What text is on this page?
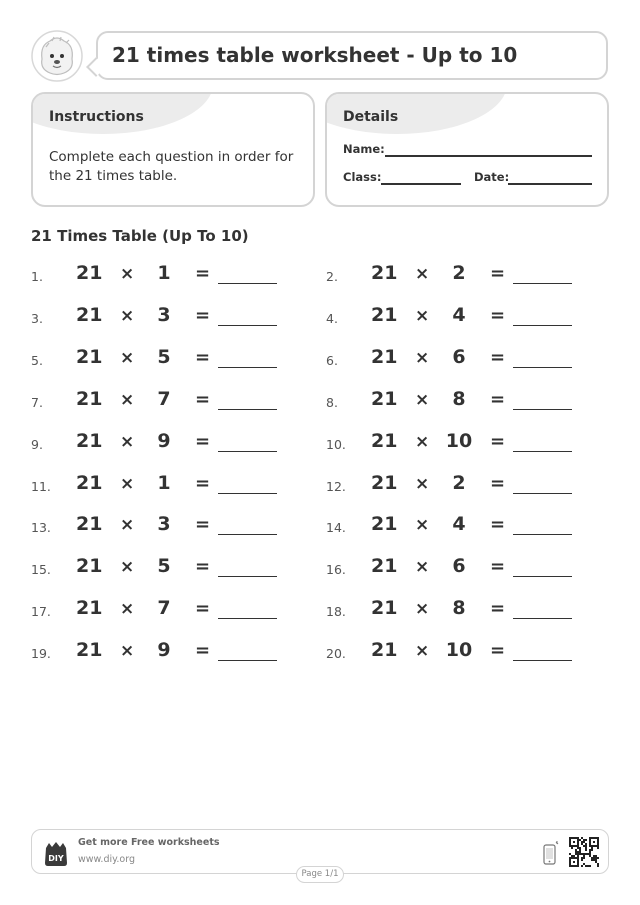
21 times table worksheet - Up to 10
Instructions
Complete each question in order for the 21 times table.
Details
Name:
Class:	Date:
21 Times Table (Up To 10)
1. 21 ×	1	=	2. 21 ×	2	=
3. 21 ×	3	=	4. 21 ×	4	=
5. 21 ×	5	=	6. 21 ×	6	=
7. 21 ×	7	=	8. 21 ×	8	=
9. 21 ×	9	=	10. 21 × 10 =
11. 21 ×	1	=	12. 21 ×	2	=
13. 21 ×	3	=	14. 21 ×	4	=
15. 21 ×	5	=	16. 21 ×	6	=
17. 21 ×	7	=	18. 21 ×	8	=
19. 21 ×	9	=	20. 21 × 10 =
DIY
Get more Free worksheets
www.diy.org
Page 1/1
